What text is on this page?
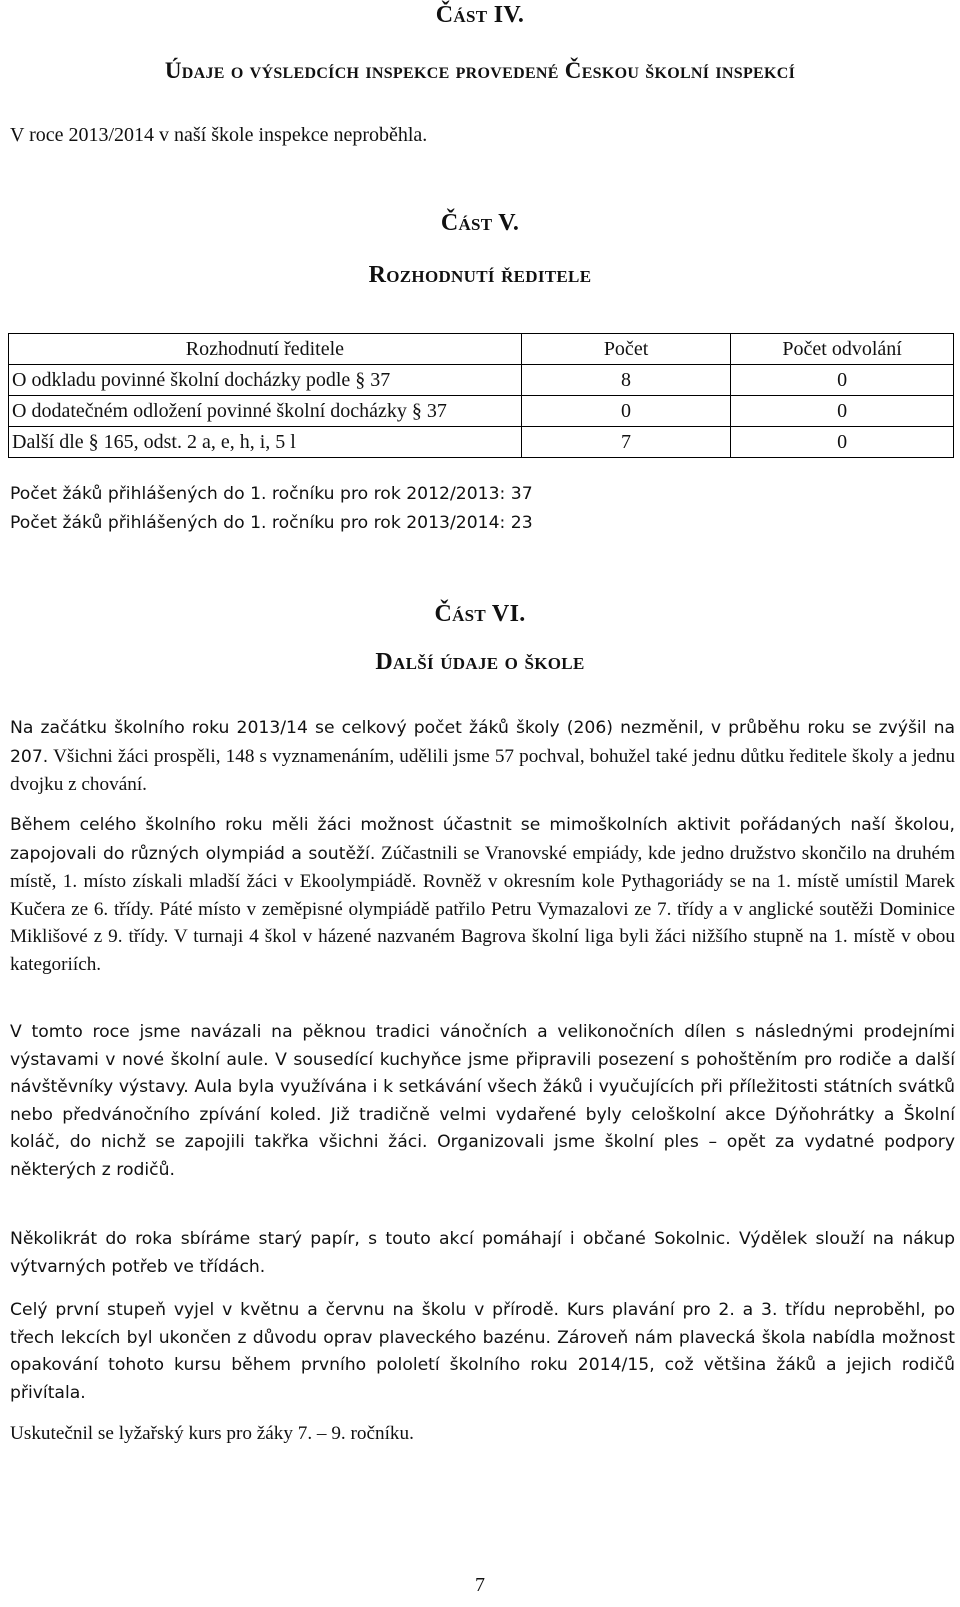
Část IV.
Údaje o výsledcích inspekce provedené Českou školní inspekcí
V roce 2013/2014 v naší škole inspekce neproběhla.
Část V.
Rozhodnutí ředitele
Rozhodnutí ředitele	Počet	Počet odvolání
O odkladu povinné školní docházky podle § 37	8	0
O dodatečném odložení povinné školní docházky § 37	0	0
Další dle § 165, odst. 2 a, e, h, i, 5 l	7	0
Počet žáků přihlášených do 1. ročníku pro rok 2012/2013: 37
Počet žáků přihlášených do 1. ročníku pro rok 2013/2014: 23
Část VI.
Další údaje o škole
Na začátku školního roku 2013/14 se celkový počet žáků školy (206) nezměnil, v průběhu roku se zvýšil na 207. Všichni žáci prospěli, 148 s vyznamenáním, udělili jsme 57 pochval, bohužel také jednu důtku ředitele školy a jednu dvojku z chování.
Během celého školního roku měli žáci možnost účastnit se mimoškolních aktivit pořádaných naší školou, zapojovali do různých olympiád a soutěží. Zúčastnili se Vranovské empiády, kde jedno družstvo skončilo na druhém místě, 1. místo získali mladší žáci v Ekoolympiádě. Rovněž v okresním kole Pythagoriády se na 1. místě umístil Marek Kučera ze 6. třídy. Páté místo v zeměpisné olympiádě patřilo Petru Vymazalovi ze 7. třídy a v anglické soutěži Dominice Miklišové z 9. třídy. V turnaji 4 škol v házené nazvaném Bagrova školní liga byli žáci nižšího stupně na 1. místě v obou kategoriích.
V tomto roce jsme navázali na pěknou tradici vánočních a velikonočních dílen s následnými prodejními výstavami v nové školní aule. V sousedící kuchyňce jsme připravili posezení s pohoštěním pro rodiče a další návštěvníky výstavy. Aula byla využívána i k setkávání všech žáků i vyučujících při příležitosti státních svátků nebo předvánočního zpívání koled. Již tradičně velmi vydařené byly celoškolní akce Dýňohrátky a Školní koláč, do nichž se zapojili takřka všichni žáci. Organizovali jsme školní ples – opět za vydatné podpory některých z rodičů.
Několikrát do roka sbíráme starý papír, s touto akcí pomáhají i občané Sokolnic. Výdělek slouží na nákup výtvarných potřeb ve třídách.
Celý první stupeň vyjel v květnu a červnu na školu v přírodě. Kurs plavání pro 2. a 3. třídu neproběhl, po třech lekcích byl ukončen z důvodu oprav plaveckého bazénu. Zároveň nám plavecká škola nabídla možnost opakování tohoto kursu během prvního pololetí školního roku 2014/15, což většina žáků a jejich rodičů přivítala.
Uskutečnil se lyžařský kurs pro žáky 7. – 9. ročníku.
7
